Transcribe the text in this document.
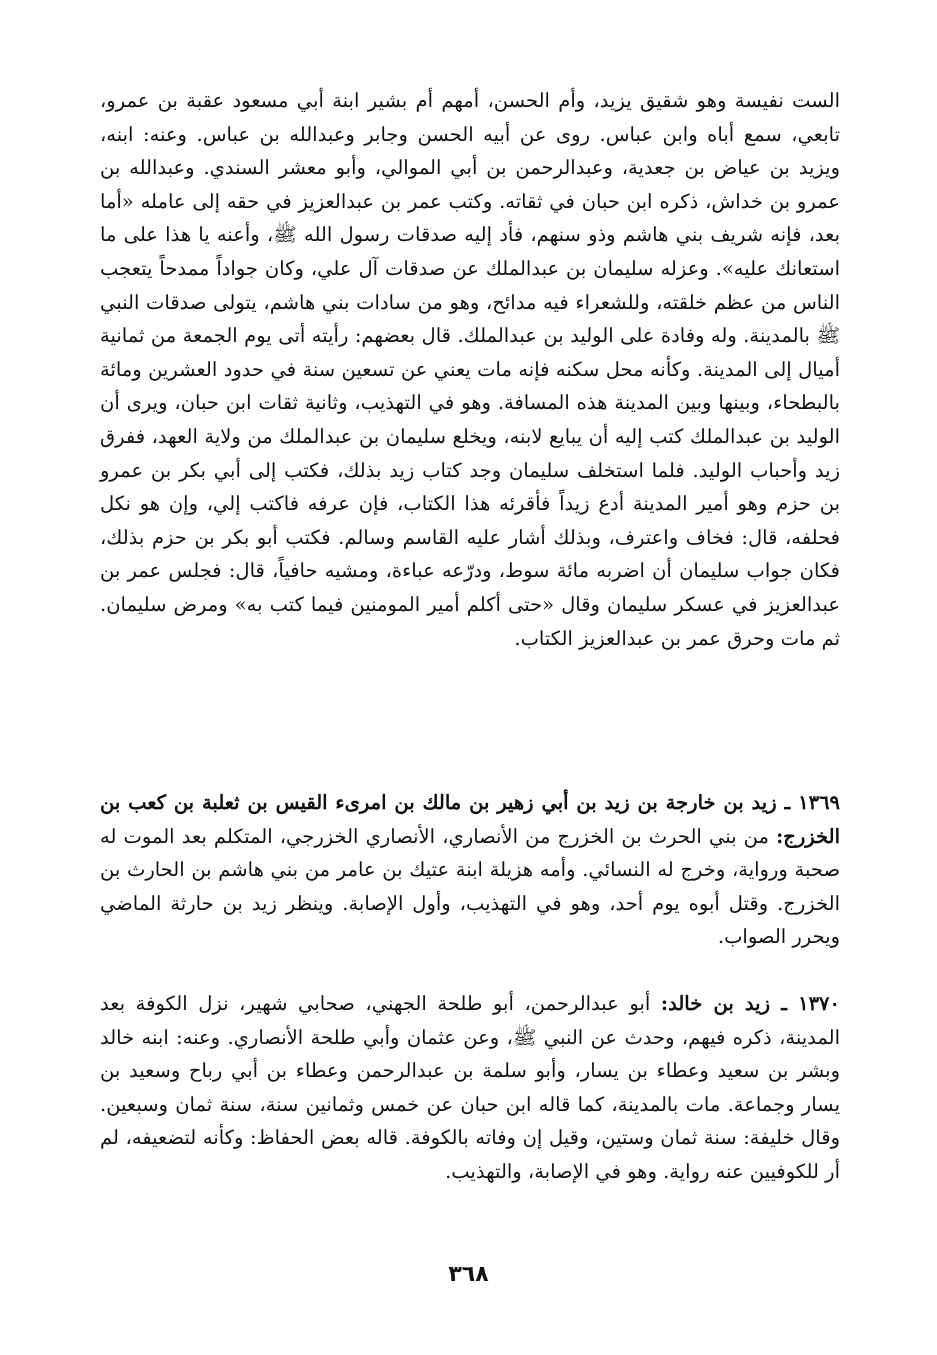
الست نفيسة وهو شقيق يزيد، وأم الحسن، أمهم أم بشير ابنة أبي مسعود عقبة بن عمرو، تابعي، سمع أباه وابن عباس. روى عن أبيه الحسن وجابر وعبدالله بن عباس. وعنه: ابنه، ويزيد بن عياض بن جعدية، وعبدالرحمن بن أبي الموالي، وأبو معشر السندي. وعبدالله بن عمرو بن خداش، ذكره ابن حبان في ثقاته. وكتب عمر بن عبدالعزيز في حقه إلى عامله «أما بعد، فإنه شريف بني هاشم وذو سنهم، فأد إليه صدقات رسول الله ﷺ، وأعنه يا هذا على ما استعانك عليه». وعزله سليمان بن عبدالملك عن صدقات آل علي، وكان جواداً ممدحاً يتعجب الناس من عظم خلقته، وللشعراء فيه مدائح، وهو من سادات بني هاشم، يتولى صدقات النبي ﷺ بالمدينة. وله وفادة على الوليد بن عبدالملك. قال بعضهم: رأيته أتى يوم الجمعة من ثمانية أميال إلى المدينة. وكأنه محل سكنه فإنه مات يعني عن تسعين سنة في حدود العشرين ومائة بالبطحاء، وبينها وبين المدينة هذه المسافة. وهو في التهذيب، وثانية ثقات ابن حبان، ويرى أن الوليد بن عبدالملك كتب إليه أن يبايع لابنه، ويخلع سليمان بن عبدالملك من ولاية العهد، ففرق زيد وأحباب الوليد. فلما استخلف سليمان وجد كتاب زيد بذلك، فكتب إلى أبي بكر بن عمرو بن حزم وهو أمير المدينة أدع زيداً فأقرئه هذا الكتاب، فإن عرفه فاكتب إلي، وإن هو نكل فحلفه، قال: فخاف واعترف، وبذلك أشار عليه القاسم وسالم. فكتب أبو بكر بن حزم بذلك، فكان جواب سليمان أن اضربه مائة سوط، ودرّعه عباءة، ومشيه حافياً، قال: فجلس عمر بن عبدالعزيز في عسكر سليمان وقال «حتى أكلم أمير المومنين فيما كتب به» ومرض سليمان. ثم مات وحرق عمر بن عبدالعزيز الكتاب.

١٣٦٩ ـ زيد بن خارجة بن زيد بن أبي زهير بن مالك بن امرىء القيس بن ثعلبة بن كعب بن الخزرج: من بني الحرث بن الخزرج من الأنصاري، الأنصاري الخزرجي، المتكلم بعد الموت له صحبة ورواية، وخرج له النسائي. وأمه هزيلة ابنة عتيك بن عامر من بني هاشم بن الحارث بن الخزرج. وقتل أبوه يوم أحد، وهو في التهذيب، وأول الإصابة. وينظر زيد بن حارثة الماضي ويحرر الصواب.

١٣٧٠ ـ زيد بن خالد: أبو عبدالرحمن، أبو طلحة الجهني، صحابي شهير، نزل الكوفة بعد المدينة، ذكره فيهم، وحدث عن النبي ﷺ، وعن عثمان وأبي طلحة الأنصاري. وعنه: ابنه خالد وبشر بن سعيد وعطاء بن يسار، وأبو سلمة بن عبدالرحمن وعطاء بن أبي رباح وسعيد بن يسار وجماعة. مات بالمدينة، كما قاله ابن حبان عن خمس وثمانين سنة، سنة ثمان وسبعين. وقال خليفة: سنة ثمان وستين، وقيل إن وفاته بالكوفة. قاله بعض الحفاظ: وكأنه لتضعيفه، لم أر للكوفيين عنه رواية. وهو في الإصابة، والتهذيب.

٣٦٨
